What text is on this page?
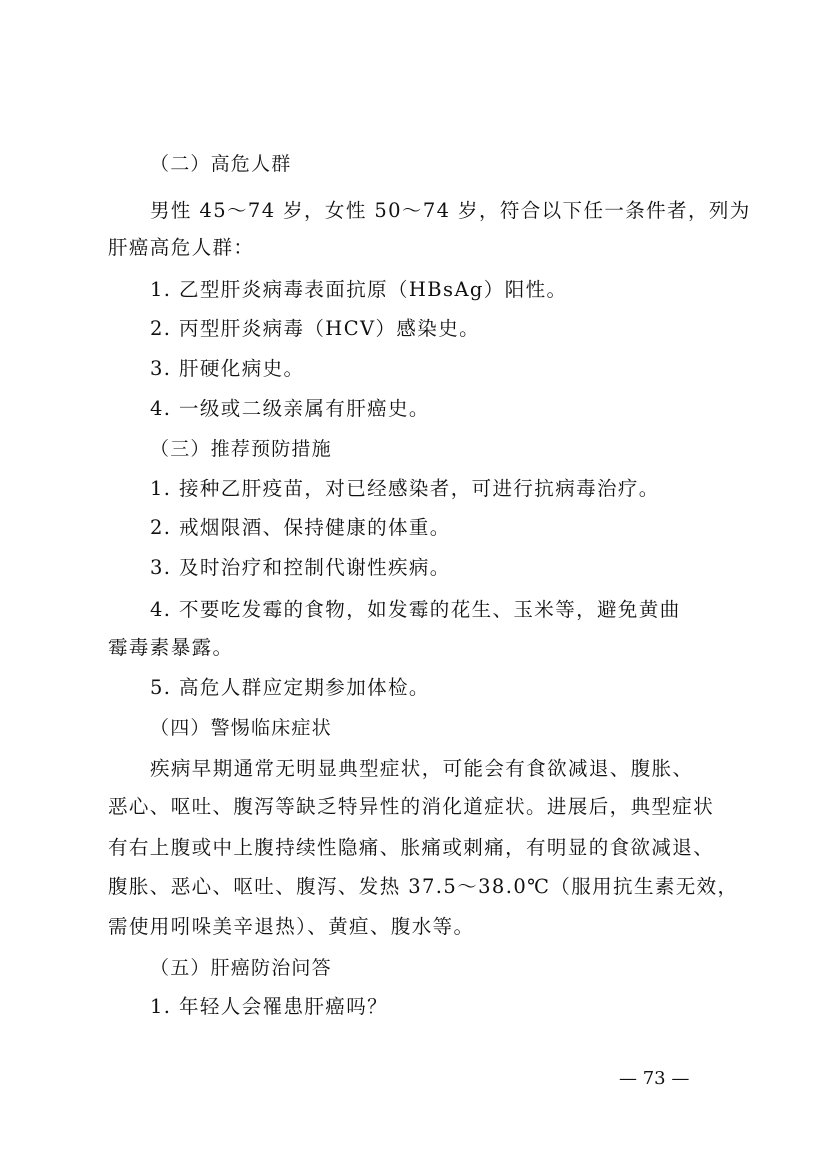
（二）高危人群
男性 45～74 岁，女性 50～74 岁，符合以下任一条件者，列为
肝癌高危人群：
1. 乙型肝炎病毒表面抗原（HBsAg）阳性。
2. 丙型肝炎病毒（HCV）感染史。
3. 肝硬化病史。
4. 一级或二级亲属有肝癌史。
（三）推荐预防措施
1. 接种乙肝疫苗，对已经感染者，可进行抗病毒治疗。
2. 戒烟限酒、保持健康的体重。
3. 及时治疗和控制代谢性疾病。
4. 不要吃发霉的食物，如发霉的花生、玉米等，避免黄曲
霉毒素暴露。
5. 高危人群应定期参加体检。
（四）警惕临床症状
疾病早期通常无明显典型症状，可能会有食欲减退、腹胀、
恶心、呕吐、腹泻等缺乏特异性的消化道症状。进展后，典型症状
有右上腹或中上腹持续性隐痛、胀痛或刺痛，有明显的食欲减退、
腹胀、恶心、呕吐、腹泻、发热 37.5～38.0℃（服用抗生素无效，
需使用吲哚美辛退热）、黄疸、腹水等。
（五）肝癌防治问答
1. 年轻人会罹患肝癌吗？
— 73 —
